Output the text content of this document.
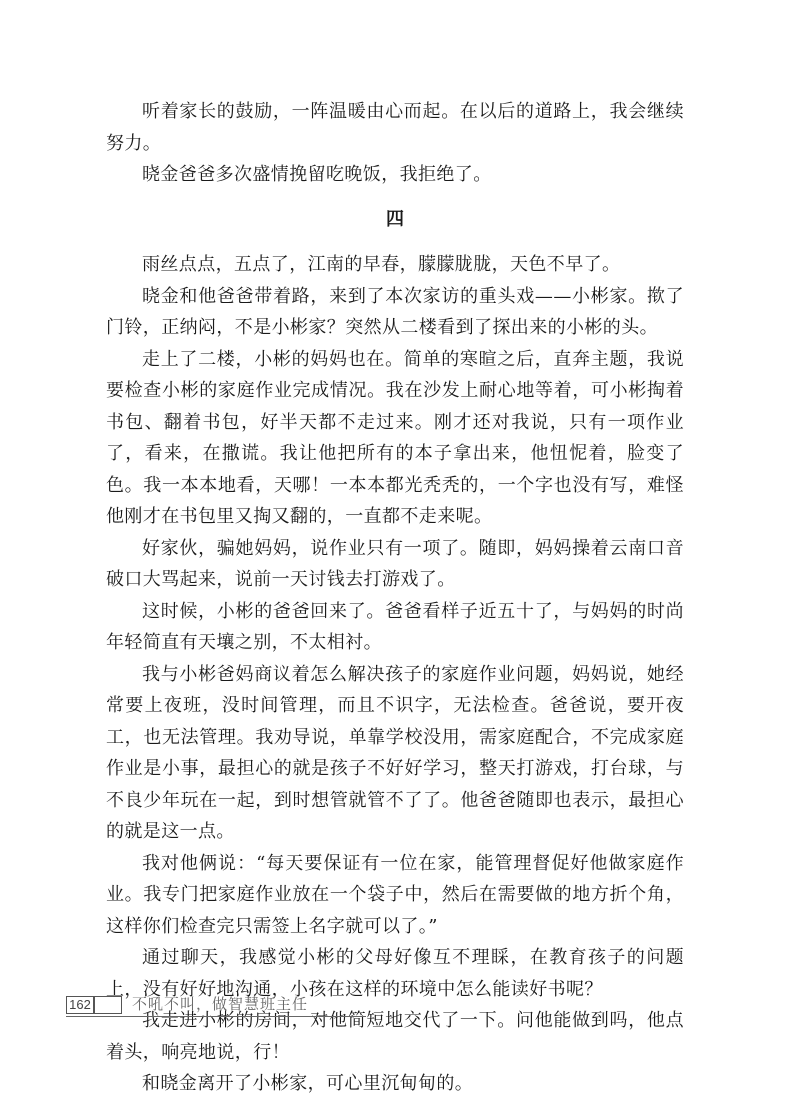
听着家长的鼓励，一阵温暖由心而起。在以后的道路上，我会继续努力。

晓金爸爸多次盛情挽留吃晚饭，我拒绝了。

四

雨丝点点，五点了，江南的早春，朦朦胧胧，天色不早了。

晓金和他爸爸带着路，来到了本次家访的重头戏——小彬家。揿了门铃，正纳闷，不是小彬家？突然从二楼看到了探出来的小彬的头。

走上了二楼，小彬的妈妈也在。简单的寒暄之后，直奔主题，我说要检查小彬的家庭作业完成情况。我在沙发上耐心地等着，可小彬掏着书包、翻着书包，好半天都不走过来。刚才还对我说，只有一项作业了，看来，在撒谎。我让他把所有的本子拿出来，他忸怩着，脸变了色。我一本本地看，天哪！一本本都光秃秃的，一个字也没有写，难怪他刚才在书包里又掏又翻的，一直都不走来呢。

好家伙，骗她妈妈，说作业只有一项了。随即，妈妈操着云南口音破口大骂起来，说前一天讨钱去打游戏了。

这时候，小彬的爸爸回来了。爸爸看样子近五十了，与妈妈的时尚年轻简直有天壤之别，不太相衬。

我与小彬爸妈商议着怎么解决孩子的家庭作业问题，妈妈说，她经常要上夜班，没时间管理，而且不识字，无法检查。爸爸说，要开夜工，也无法管理。我劝导说，单靠学校没用，需家庭配合，不完成家庭作业是小事，最担心的就是孩子不好好学习，整天打游戏，打台球，与不良少年玩在一起，到时想管就管不了了。他爸爸随即也表示，最担心的就是这一点。

我对他俩说：“每天要保证有一位在家，能管理督促好他做家庭作业。我专门把家庭作业放在一个袋子中，然后在需要做的地方折个角，这样你们检查完只需签上名字就可以了。”

通过聊天，我感觉小彬的父母好像互不理睬，在教育孩子的问题上，没有好好地沟通，小孩在这样的环境中怎么能读好书呢？

我走进小彬的房间，对他简短地交代了一下。问他能做到吗，他点着头，响亮地说，行！

和晓金离开了小彬家，可心里沉甸甸的。

162	不吼不叫，做智慧班主任
